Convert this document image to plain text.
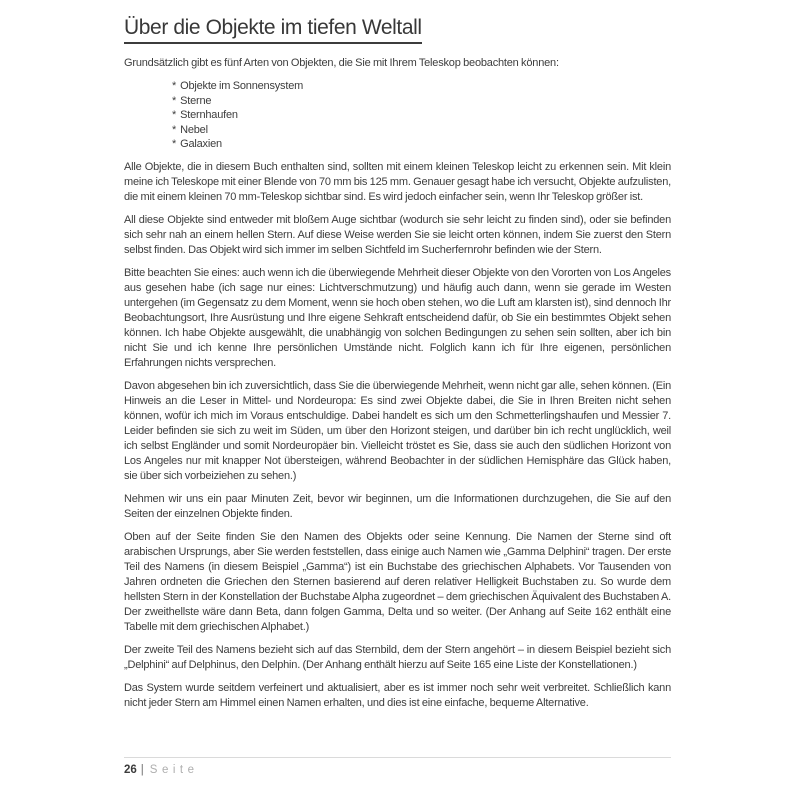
Über die Objekte im tiefen Weltall

Grundsätzlich gibt es fünf Arten von Objekten, die Sie mit Ihrem Teleskop beobachten können:

* Objekte im Sonnensystem
* Sterne
* Sternhaufen
* Nebel
* Galaxien

Alle Objekte, die in diesem Buch enthalten sind, sollten mit einem kleinen Teleskop leicht zu erkennen sein. Mit klein meine ich Teleskope mit einer Blende von 70 mm bis 125 mm. Genauer gesagt habe ich versucht, Objekte aufzulisten, die mit einem kleinen 70 mm-Teleskop sichtbar sind. Es wird jedoch einfacher sein, wenn Ihr Teleskop größer ist.

All diese Objekte sind entweder mit bloßem Auge sichtbar (wodurch sie sehr leicht zu finden sind), oder sie befinden sich sehr nah an einem hellen Stern. Auf diese Weise werden Sie sie leicht orten können, indem Sie zuerst den Stern selbst finden. Das Objekt wird sich immer im selben Sichtfeld im Sucherfernrohr befinden wie der Stern.

Bitte beachten Sie eines: auch wenn ich die überwiegende Mehrheit dieser Objekte von den Vororten von Los Angeles aus gesehen habe (ich sage nur eines: Lichtverschmutzung) und häufig auch dann, wenn sie gerade im Westen untergehen (im Gegensatz zu dem Moment, wenn sie hoch oben stehen, wo die Luft am klarsten ist), sind dennoch Ihr Beobachtungsort, Ihre Ausrüstung und Ihre eigene Sehkraft entscheidend dafür, ob Sie ein bestimmtes Objekt sehen können. Ich habe Objekte ausgewählt, die unabhängig von solchen Bedingungen zu sehen sein sollten, aber ich bin nicht Sie und ich kenne Ihre persönlichen Umstände nicht. Folglich kann ich für Ihre eigenen, persönlichen Erfahrungen nichts versprechen.

Davon abgesehen bin ich zuversichtlich, dass Sie die überwiegende Mehrheit, wenn nicht gar alle, sehen können. (Ein Hinweis an die Leser in Mittel- und Nordeuropa: Es sind zwei Objekte dabei, die Sie in Ihren Breiten nicht sehen können, wofür ich mich im Voraus entschuldige. Dabei handelt es sich um den Schmetterlingshaufen und Messier 7. Leider befinden sie sich zu weit im Süden, um über den Horizont steigen, und darüber bin ich recht unglücklich, weil ich selbst Engländer und somit Nordeuropäer bin. Vielleicht tröstet es Sie, dass sie auch den südlichen Horizont von Los Angeles nur mit knapper Not übersteigen, während Beobachter in der südlichen Hemisphäre das Glück haben, sie über sich vorbeiziehen zu sehen.)

Nehmen wir uns ein paar Minuten Zeit, bevor wir beginnen, um die Informationen durchzugehen, die Sie auf den Seiten der einzelnen Objekte finden.

Oben auf der Seite finden Sie den Namen des Objekts oder seine Kennung. Die Namen der Sterne sind oft arabischen Ursprungs, aber Sie werden feststellen, dass einige auch Namen wie „Gamma Delphini“ tragen. Der erste Teil des Namens (in diesem Beispiel „Gamma“) ist ein Buchstabe des griechischen Alphabets. Vor Tausenden von Jahren ordneten die Griechen den Sternen basierend auf deren relativer Helligkeit Buchstaben zu. So wurde dem hellsten Stern in der Konstellation der Buchstabe Alpha zugeordnet – dem griechischen Äquivalent des Buchstaben A. Der zweithellste wäre dann Beta, dann folgen Gamma, Delta und so weiter. (Der Anhang auf Seite 162 enthält eine Tabelle mit dem griechischen Alphabet.)

Der zweite Teil des Namens bezieht sich auf das Sternbild, dem der Stern angehört – in diesem Beispiel bezieht sich „Delphini“ auf Delphinus, den Delphin. (Der Anhang enthält hierzu auf Seite 165 eine Liste der Konstellationen.)

Das System wurde seitdem verfeinert und aktualisiert, aber es ist immer noch sehr weit verbreitet. Schließlich kann nicht jeder Stern am Himmel einen Namen erhalten, und dies ist eine einfache, bequeme Alternative.

26 | Seite
